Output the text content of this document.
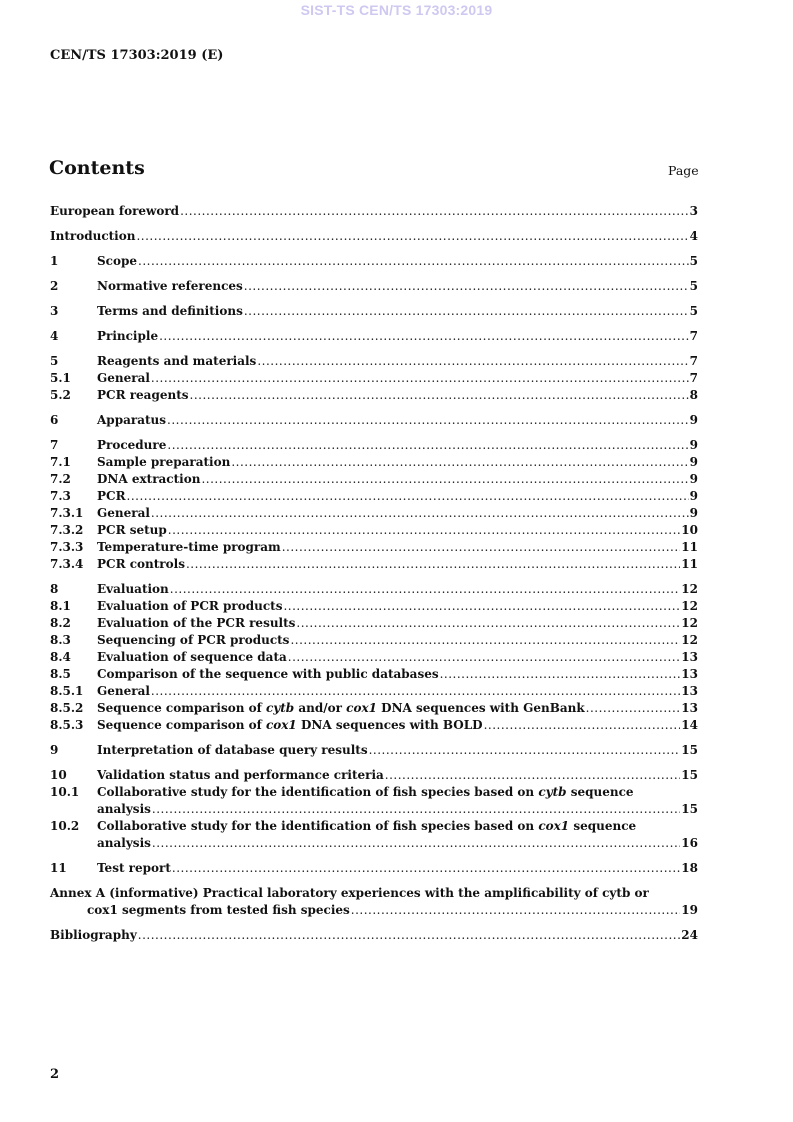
SIST-TS CEN/TS 17303:2019
CEN/TS 17303:2019 (E)
Contents	Page
European foreword .....	3
Introduction .....	4
1	Scope .....	5
2	Normative references .....	5
3	Terms and definitions .....	5
4	Principle .....	7
5	Reagents and materials .....	7
5.1	General .....	7
5.2	PCR reagents .....	8
6	Apparatus .....	9
7	Procedure .....	9
7.1	Sample preparation .....	9
7.2	DNA extraction .....	9
7.3	PCR .....	9
7.3.1	General .....	9
7.3.2	PCR setup .....	10
7.3.3	Temperature-time program .....	11
7.3.4	PCR controls .....	11
8	Evaluation .....	12
8.1	Evaluation of PCR products .....	12
8.2	Evaluation of the PCR results .....	12
8.3	Sequencing of PCR products .....	12
8.4	Evaluation of sequence data .....	13
8.5	Comparison of the sequence with public databases .....	13
8.5.1	General .....	13
8.5.2	Sequence comparison of cytb and/or cox1 DNA sequences with GenBank .....	13
8.5.3	Sequence comparison of cox1 DNA sequences with BOLD .....	14
9	Interpretation of database query results .....	15
10	Validation status and performance criteria .....	15
10.1	Collaborative study for the identification of fish species based on cytb sequence
analysis .....	15
10.2	Collaborative study for the identification of fish species based on cox1 sequence
analysis .....	16
11	Test report .....	18
Annex A (informative) Practical laboratory experiences with the amplificability of cytb or
cox1 segments from tested fish species .....	19
Bibliography .....	24
2
